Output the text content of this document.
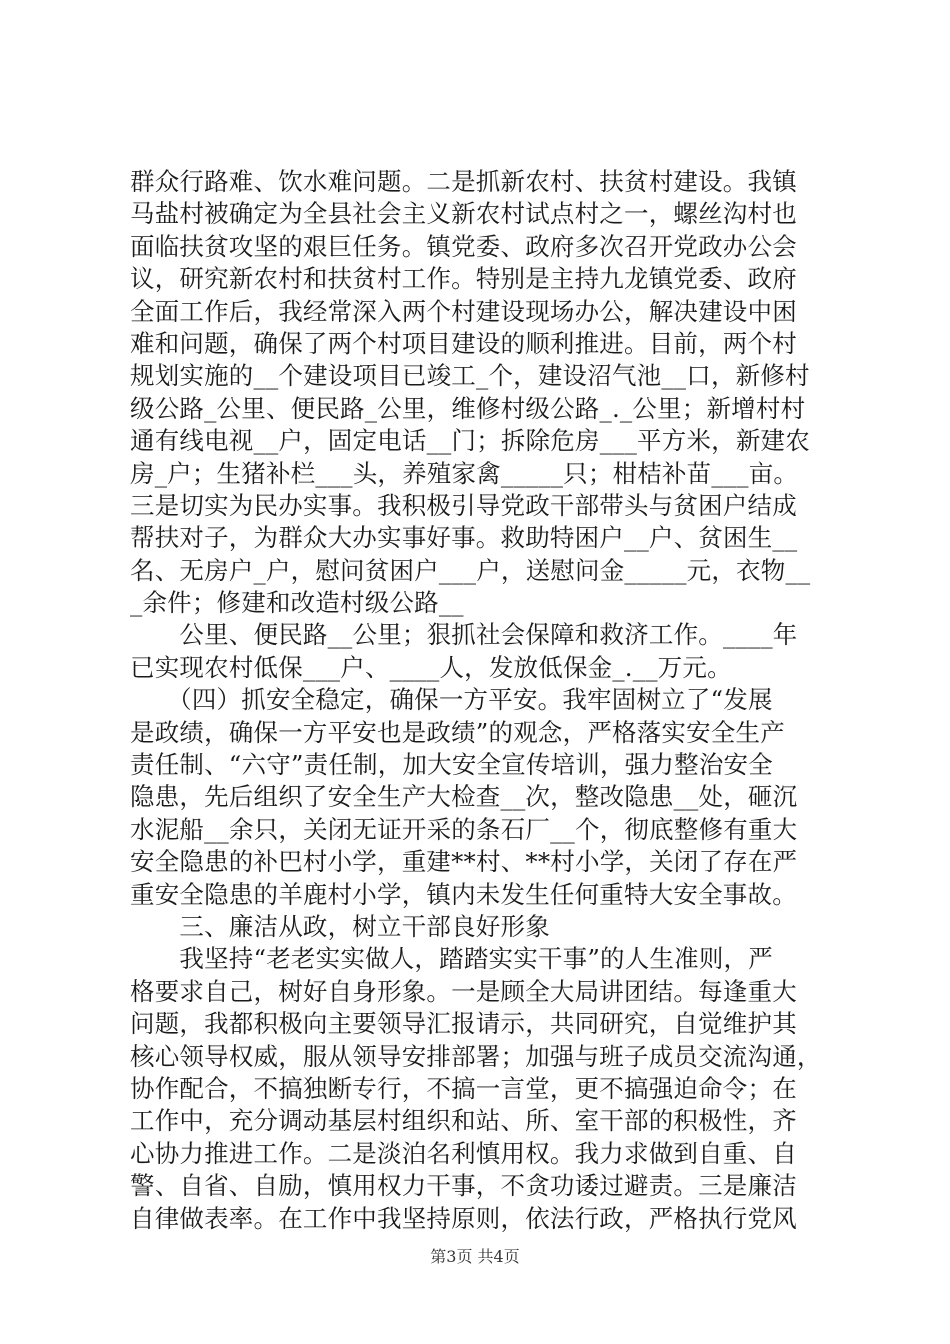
群众行路难、饮水难问题。二是抓新农村、扶贫村建设。我镇
马盐村被确定为全县社会主义新农村试点村之一，螺丝沟村也
面临扶贫攻坚的艰巨任务。镇党委、政府多次召开党政办公会
议，研究新农村和扶贫村工作。特别是主持九龙镇党委、政府
全面工作后，我经常深入两个村建设现场办公，解决建设中困
难和问题，确保了两个村项目建设的顺利推进。目前，两个村
规划实施的__个建设项目已竣工_个，建设沼气池__口，新修村
级公路_公里、便民路_公里，维修村级公路_._公里；新增村村
通有线电视__户，固定电话__门；拆除危房___平方米，新建农
房_户；生猪补栏___头，养殖家禽_____只；柑桔补苗___亩。
三是切实为民办实事。我积极引导党政干部带头与贫困户结成
帮扶对子，为群众大办实事好事。救助特困户__户、贫困生__
名、无房户_户，慰问贫困户___户，送慰问金_____元，衣物__
_余件；修建和改造村级公路__
　　公里、便民路__公里；狠抓社会保障和救济工作。____年
已实现农村低保___户、____人，发放低保金_.__万元。
　　（四）抓安全稳定，确保一方平安。我牢固树立了“发展
是政绩，确保一方平安也是政绩”的观念，严格落实安全生产
责任制、“六守”责任制，加大安全宣传培训，强力整治安全
隐患，先后组织了安全生产大检查__次，整改隐患__处，砸沉
水泥船__余只，关闭无证开采的条石厂__个，彻底整修有重大
安全隐患的补巴村小学，重建**村、**村小学，关闭了存在严
重安全隐患的羊鹿村小学，镇内未发生任何重特大安全事故。
　　三、廉洁从政，树立干部良好形象
　　我坚持“老老实实做人，踏踏实实干事”的人生准则，严
格要求自己，树好自身形象。一是顾全大局讲团结。每逢重大
问题，我都积极向主要领导汇报请示，共同研究，自觉维护其
核心领导权威，服从领导安排部署；加强与班子成员交流沟通，
协作配合，不搞独断专行，不搞一言堂，更不搞强迫命令；在
工作中，充分调动基层村组织和站、所、室干部的积极性，齐
心协力推进工作。二是淡泊名利慎用权。我力求做到自重、自
警、自省、自励，慎用权力干事，不贪功诿过避责。三是廉洁
自律做表率。在工作中我坚持原则，依法行政，严格执行党风
第3页 共4页
